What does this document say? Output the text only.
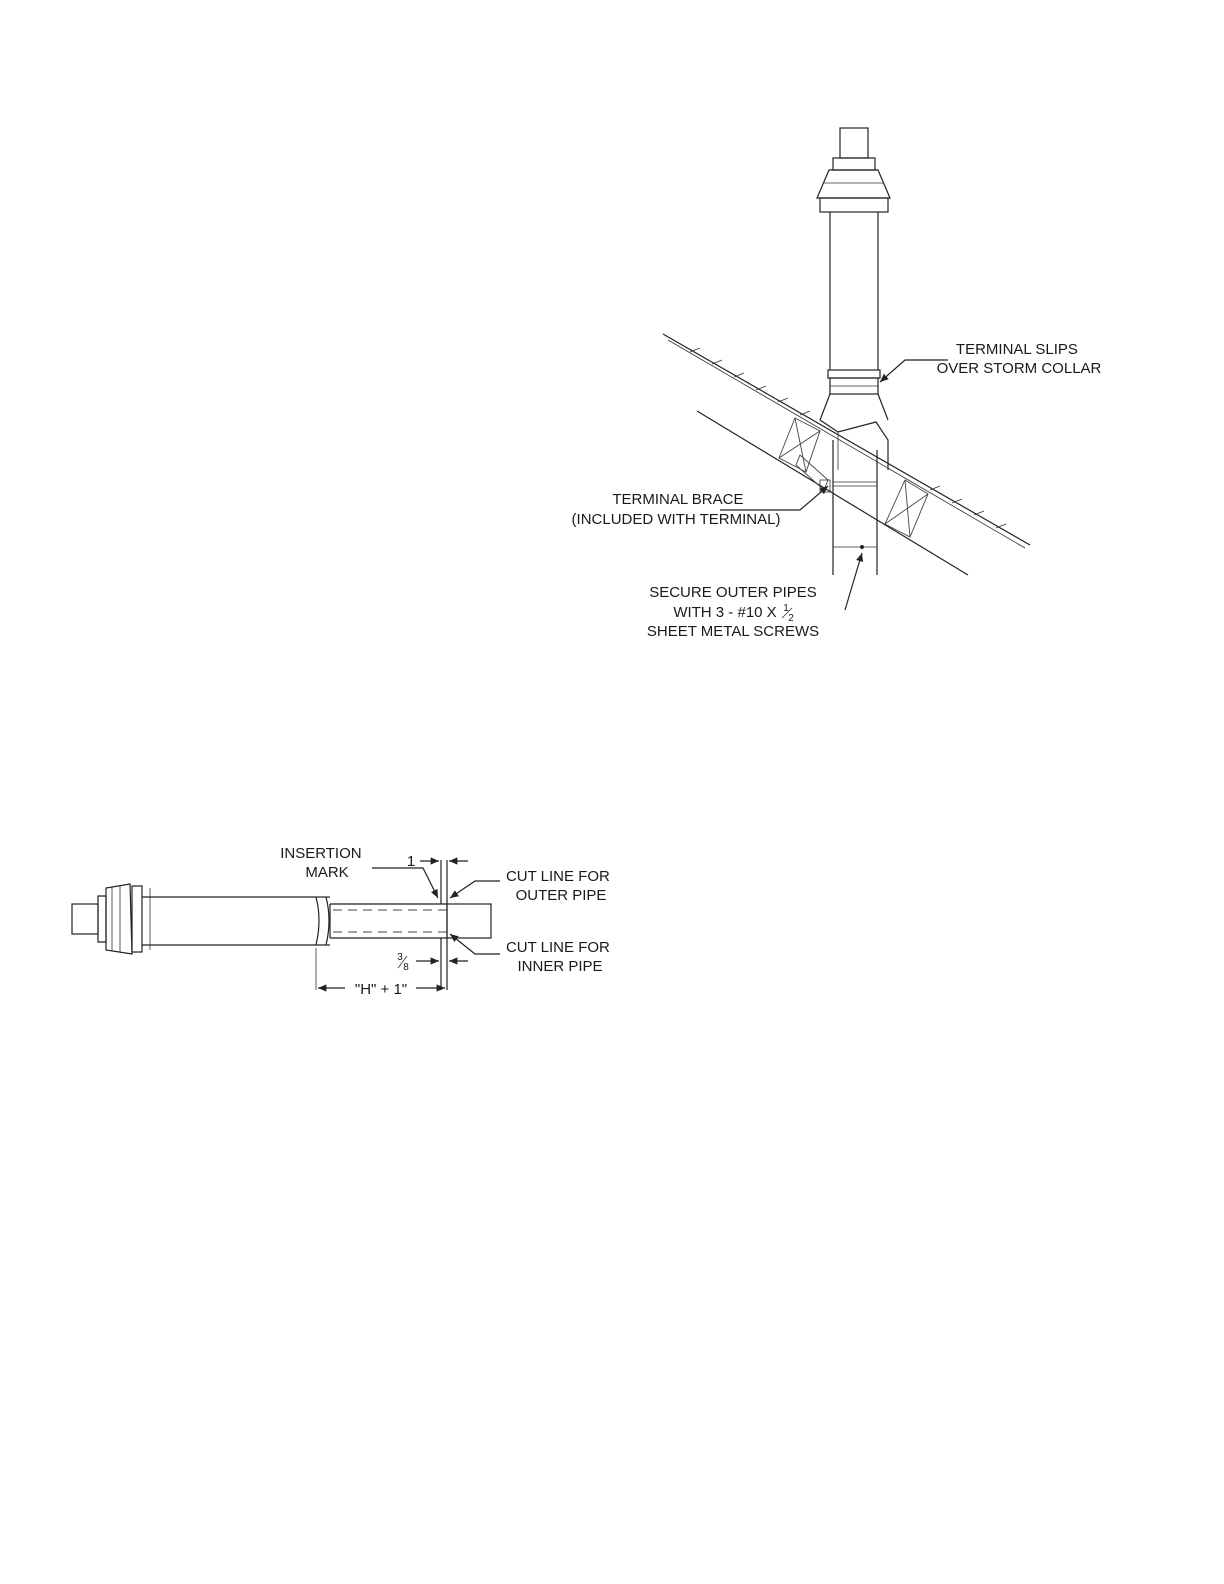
TERMINAL SLIPS OVER STORM COLLAR
TERMINAL BRACE (INCLUDED WITH TERMINAL)
SECURE OUTER PIPES
WITH 3 - #10 X 1
2
SHEET METAL SCREWS
INSERTION MARK
1
CUT LINE FOR OUTER PIPE
CUT LINE FOR INNER PIPE
3
8
"H" + 1"
